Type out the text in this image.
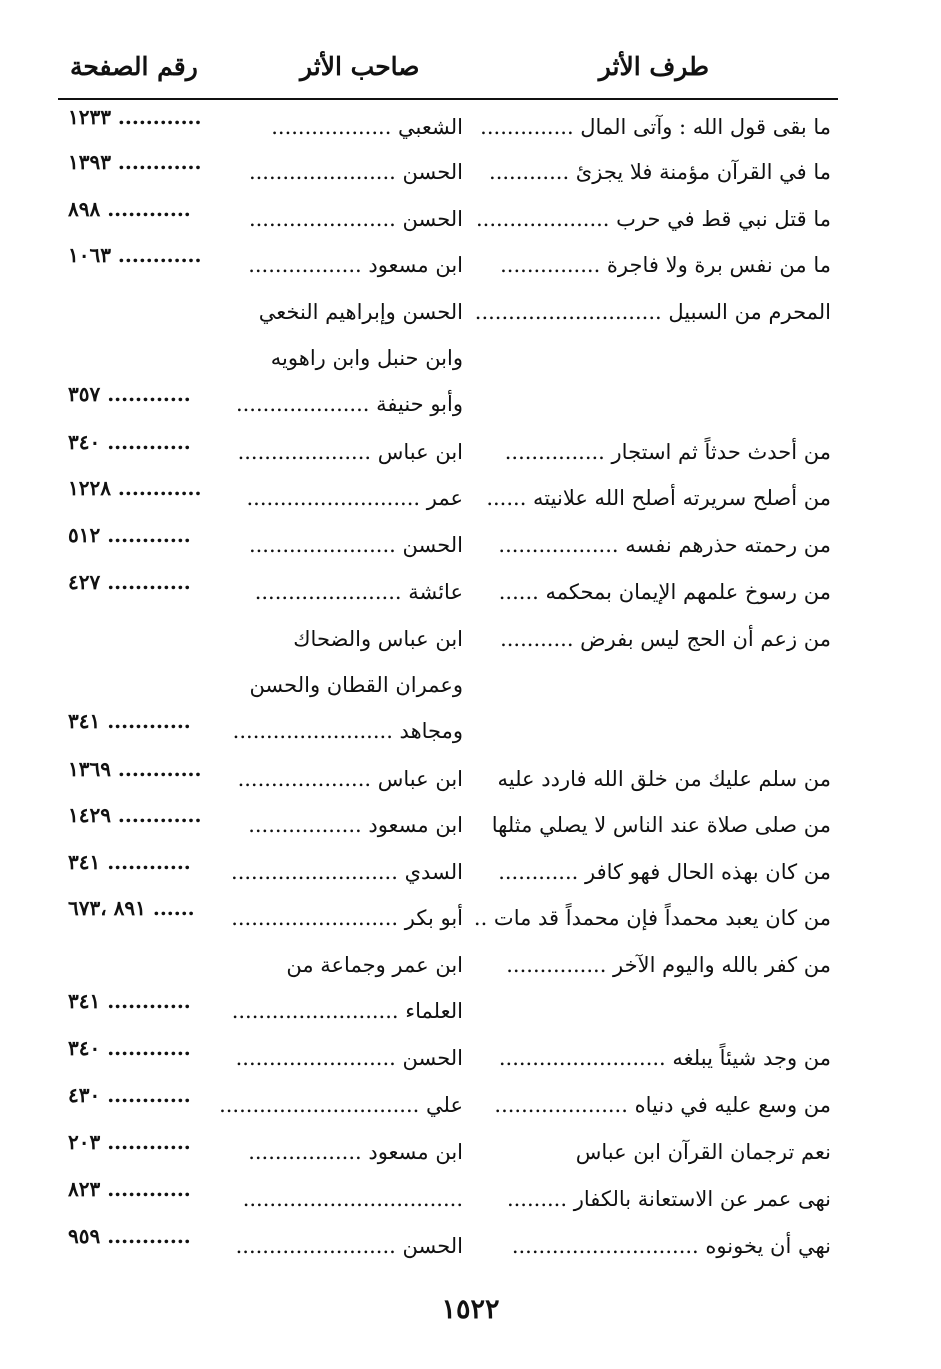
طرف الأثر
صاحب الأثر
رقم الصفحة
ما بقى قول الله : وآتى المال ..............
الشعبي ..................
١٢٣٣ ............
ما في القرآن مؤمنة فلا يجزئ ............
الحسن ......................
١٣٩٣ ............
ما قتل نبي قط في حرب ....................
الحسن ......................
٨٩٨ ............
ما من نفس برة ولا فاجرة ...............
ابن مسعود .................
١٠٦٣ ............
المحرم من السبيل ............................
الحسن وإبراهيم النخعي
وابن حنبل وابن راهويه
وأبو حنيفة ....................
٣٥٧ ............
من أحدث حدثاً ثم استجار ...............
ابن عباس ....................
٣٤٠ ............
من أصلح سريرته أصلح الله علانيته ......
عمر ..........................
١٢٢٨ ............
من رحمته حذرهم نفسه ..................
الحسن ......................
٥١٢ ............
من رسوخ علمهم الإيمان بمحكمه ......
عائشة ......................
٤٢٧ ............
من زعم أن الحج ليس بفرض ...........
ابن عباس والضحاك
وعمران القطان والحسن
ومجاهد ........................
٣٤١ ............
من سلم عليك من خلق الله فاردد عليه
ابن عباس ....................
١٣٦٩ ............
من صلى صلاة عند الناس لا يصلي مثلها
ابن مسعود .................
١٤٢٩ ............
من كان بهذه الحال فهو كافر ............
السدي .........................
٣٤١ ............
من كان يعبد محمداً فإن محمداً قد مات ..
أبو بكر .........................
٨٩١ ،٦٧٣ ......
من كفر بالله واليوم الآخر ...............
ابن عمر وجماعة من
العلماء .........................
٣٤١ ............
من وجد شيئاً يبلغه .........................
الحسن ........................
٣٤٠ ............
من وسع عليه في دنياه ....................
علي ..............................
٤٣٠ ............
نعم ترجمان القرآن ابن عباس
ابن مسعود .................
٢٠٣ ............
نهى عمر عن الاستعانة بالكفار .........
.................................
٨٢٣ ............
نهي أن يخونوه ............................
الحسن ........................
٩٥٩ ............
١٥٢٢
